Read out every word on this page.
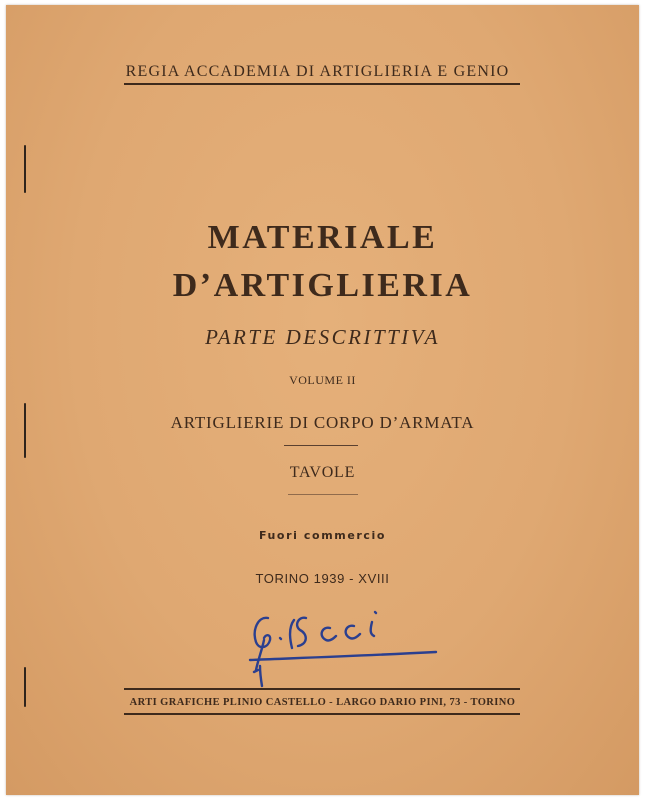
REGIA ACCADEMIA DI ARTIGLIERIA E GENIO
MATERIALE
D’ARTIGLIERIA
PARTE DESCRITTIVA
VOLUME II
ARTIGLIERIE DI CORPO D’ARMATA
TAVOLE
Fuori commercio
TORINO 1939 - XVIII
ARTI GRAFICHE PLINIO CASTELLO - LARGO DARIO PINI, 73 - TORINO
